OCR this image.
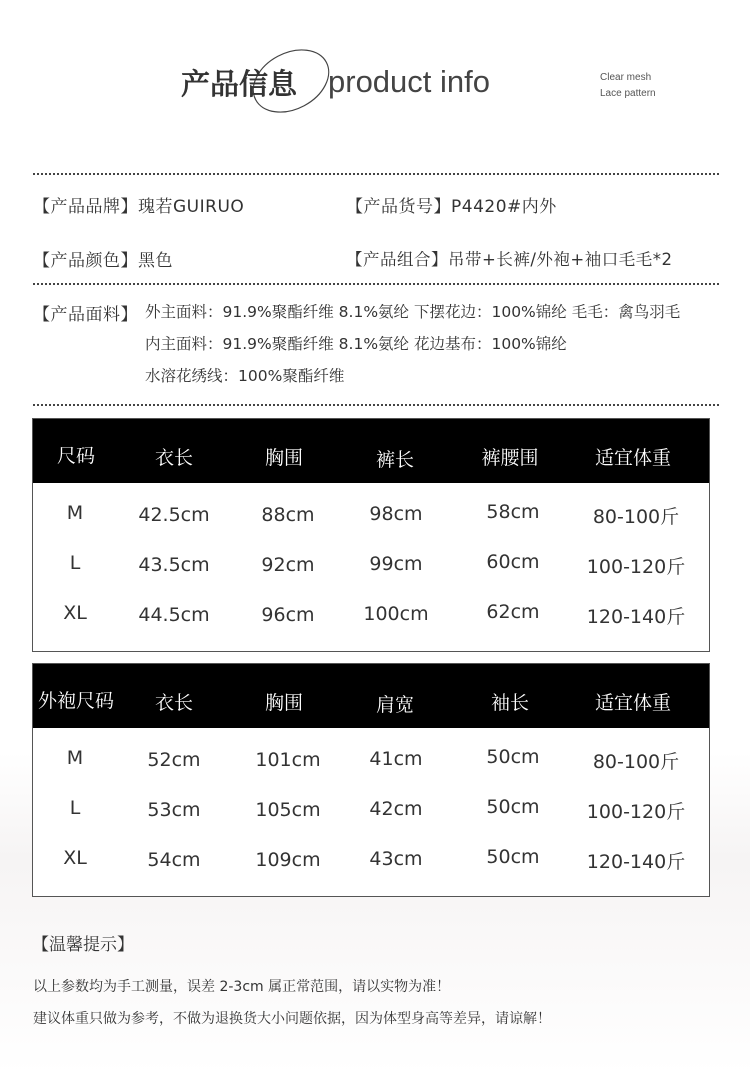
产品信息 product info	Clear mesh
Lace pattern
【产品品牌】瑰若GUIRUO	【产品货号】P4420#内外
【产品颜色】黑色	【产品组合】吊带+长裤/外袍+袖口毛毛*2
【产品面料】 外主面料：91.9%聚酯纤维 8.1%氨纶 下摆花边：100%锦纶 毛毛：禽鸟羽毛
内主面料：91.9%聚酯纤维 8.1%氨纶 花边基布：100%锦纶
水溶花绣线：100%聚酯纤维
尺码	衣长	胸围	裤长	裤腰围	适宜体重
M	42.5cm	88cm	98cm	58cm	80-100斤
L	43.5cm	92cm	99cm	60cm 100-120斤
XL	44.5cm	96cm	100cm	62cm 120-140斤
外袍尺码 衣长	胸围	肩宽	袖长	适宜体重
M	52cm	101cm	41cm	50cm	80-100斤
L	53cm	105cm	42cm	50cm 100-120斤
XL	54cm	109cm	43cm	50cm 120-140斤
【温馨提示】
以上参数均为手工测量，误差 2-3cm 属正常范围，请以实物为准！
建议体重只做为参考，不做为退换货大小问题依据，因为体型身高等差异，请谅解！
